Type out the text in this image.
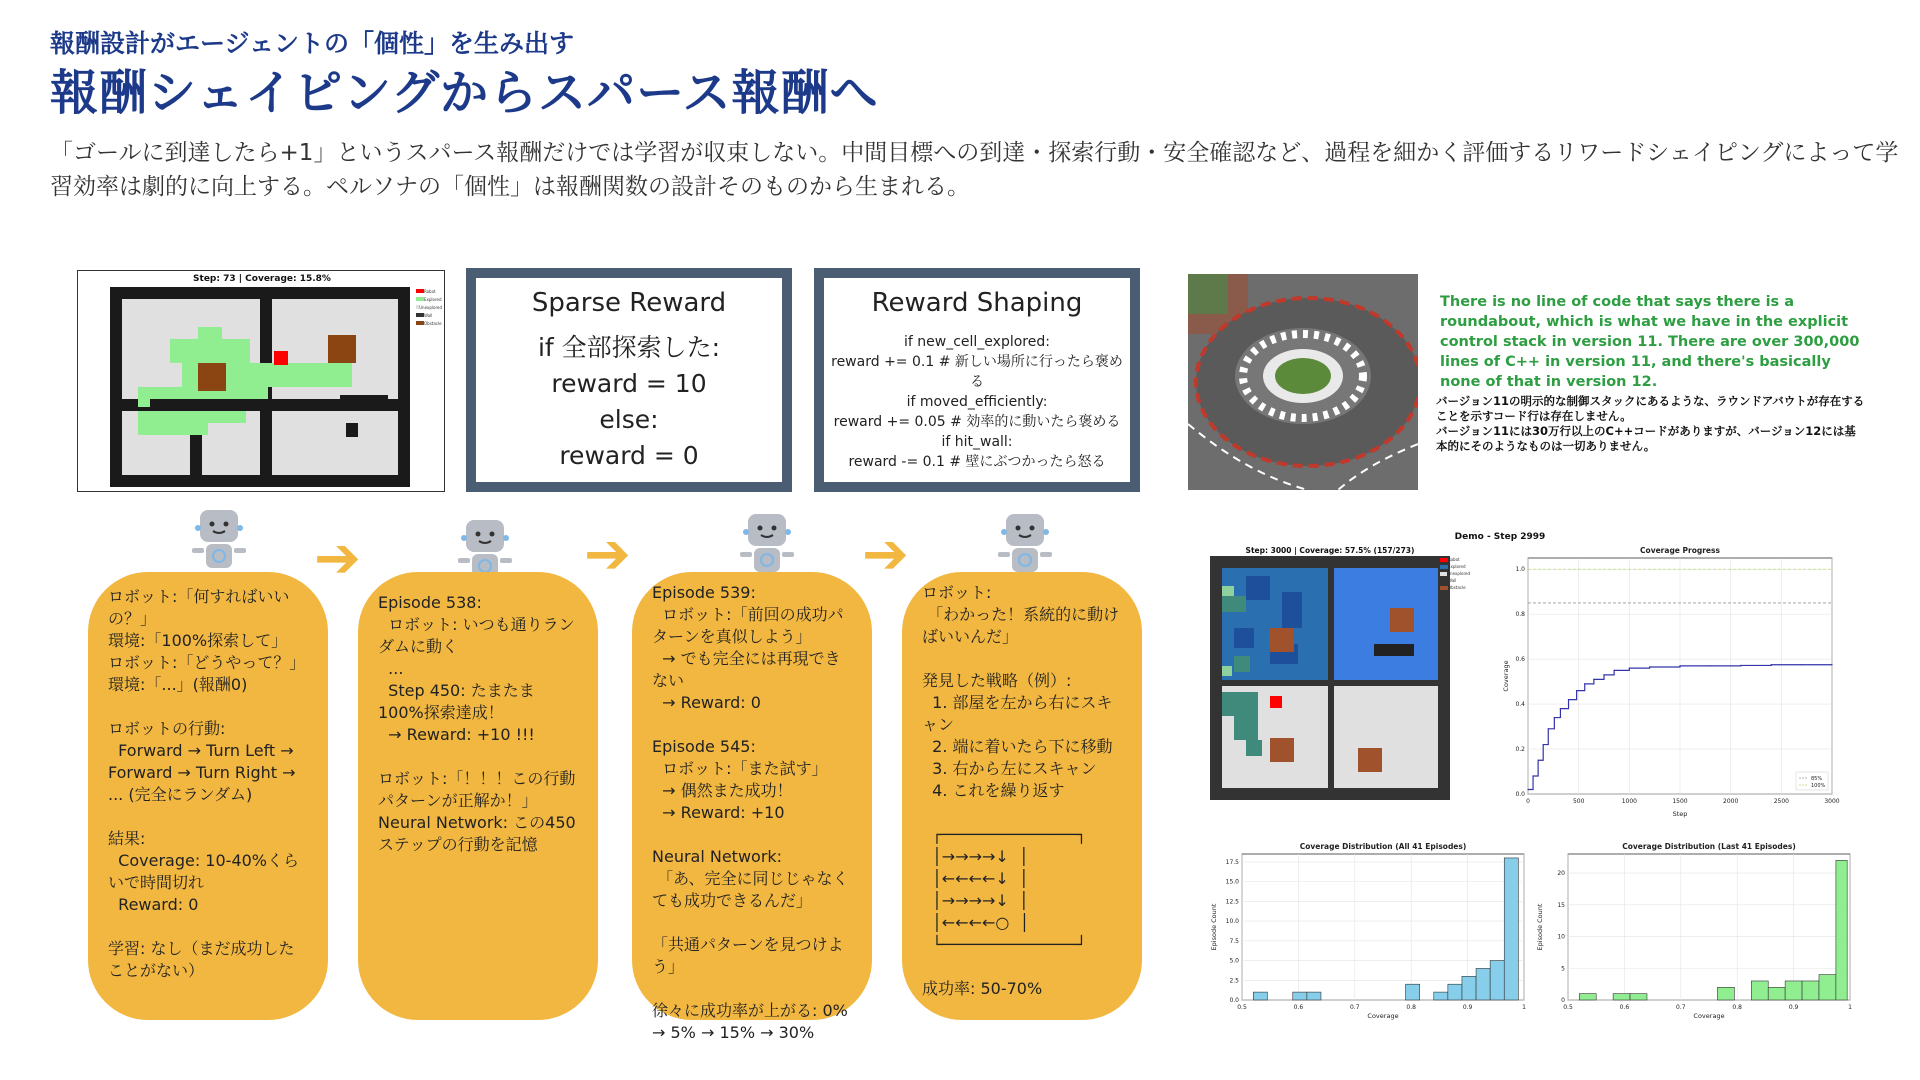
報酬設計がエージェントの「個性」を生み出す
報酬シェイピングからスパース報酬へ
「ゴールに到達したら+1」というスパース報酬だけでは学習が収束しない。中間目標への到達・探索行動・安全確認など、過程を細かく評価するリワードシェイピングによって学習効率は劇的に向上する。ペルソナの「個性」は報酬関数の設計そのものから生まれる。
Step: 73 | Coverage: 15.8%
Robot
Explored
Unexplored
Wall
Obstacle
Sparse Reward
if 全部探索した:
reward = 10
else:
reward = 0
Reward Shaping
if new_cell_explored:
reward += 0.1 # 新しい場所に行ったら褒める
if moved_efficiently:
reward += 0.05 # 効率的に動いたら褒める
if hit_wall:
reward -= 0.1 # 壁にぶつかったら怒る
There is no line of code that says there is a roundabout, which is what we have in the explicit control stack in version 11. There are over 300,000 lines of C++ in version 11, and there's basically none of that in version 12.
バージョン11の明示的な制御スタックにあるような、ラウンドアバウトが存在することを示すコード行は存在しません。
バージョン11には30万行以上のC++コードがありますが、バージョン12には基本的にそのようなものは一切ありません。
➔	➔	➔
ロボット:「何すればいいの？」
環境:「100%探索して」
ロボット:「どうやって？」
環境:「...」(報酬0)

ロボットの行動:
Forward → Turn Left → Forward → Turn Right → ... (完全にランダム)

結果:
Coverage: 10-40%くらいで時間切れ
Reward: 0

学習: なし（まだ成功したことがない）
Episode 538:
ロボット: いつも通りランダムに動く
...
Step 450: たまたま100%探索達成！
→ Reward: +10 !!!

ロボット:「！！！この行動パターンが正解か！」
Neural Network: この450ステップの行動を記憶
Episode 539:
ロボット:「前回の成功パターンを真似しよう」
→ でも完全には再現できない
→ Reward: 0

Episode 545:
ロボット:「また試す」
→ 偶然また成功！
→ Reward: +10

Neural Network:
「あ、完全に同じじゃなくても成功できるんだ」

「共通パターンを見つけよう」

徐々に成功率が上がる: 0% → 5% → 15% → 30%
ロボット:
「わかった！系統的に動けばいいんだ」

発見した戦略（例）:
1. 部屋を左から右にスキャン
2. 端に着いたら下に移動
3. 右から左にスキャン
4. これを繰り返す

┌──────────────┐
│→→→→↓  │
│←←←←↓  │
│→→→→↓  │
│←←←←○  │
└──────────────┘

成功率: 50-70%
Demo - Step 2999
Step: 3000 | Coverage: 57.5% (157/273)
Robot
Explored
Unexplored
Wall
Obstacle
0	500	1000	1500	2000	2500	3000
0.0
0.2
0.4
0.6
0.8
1.0
Coverage Progress
Step
Coverage
85%
100%
0.5	0.6	0.7	0.8	0.9	1
0.0
2.5
5.0
7.5
10.0
12.5
15.0
17.5
Coverage Distribution (All 41 Episodes)
Coverage
Episode Count
0.5	0.6	0.7	0.8	0.9	1
0
5
10
15
20
Coverage Distribution (Last 41 Episodes)
Coverage
Episode Count
